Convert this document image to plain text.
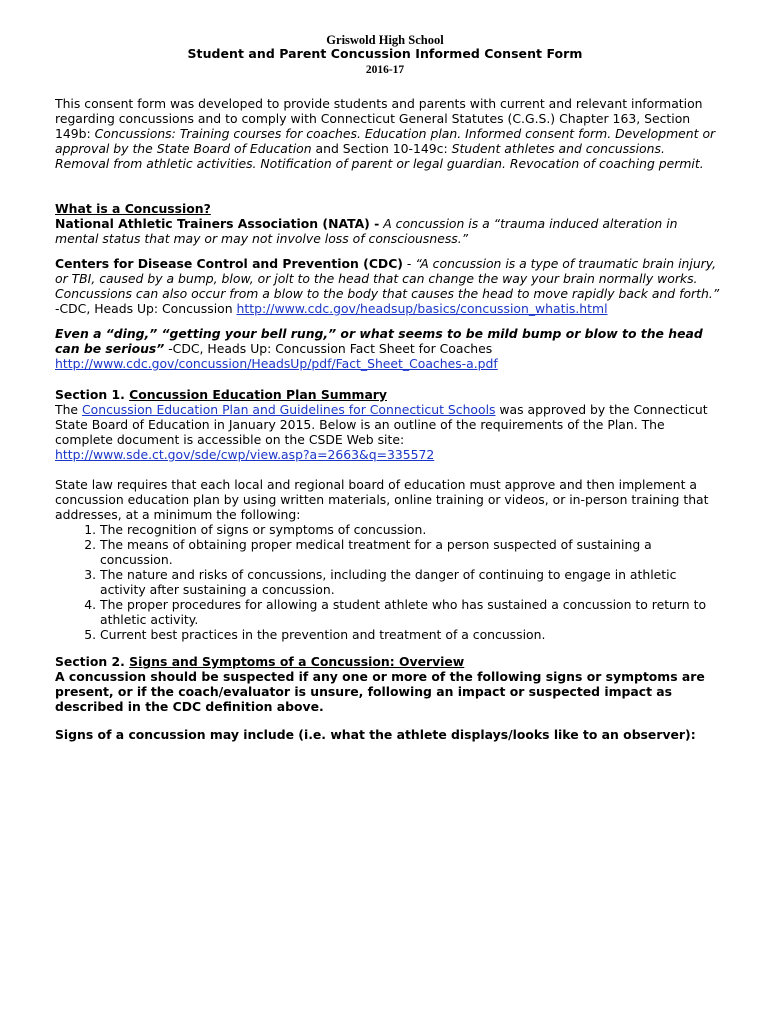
Griswold High School
Student and Parent Concussion Informed Consent Form
2016-17
This consent form was developed to provide students and parents with current and relevant information regarding concussions and to comply with Connecticut General Statutes (C.G.S.) Chapter 163, Section 149b: Concussions: Training courses for coaches. Education plan. Informed consent form. Development or approval by the State Board of Education and Section 10-149c: Student athletes and concussions. Removal from athletic activities. Notification of parent or legal guardian. Revocation of coaching permit.

What is a Concussion?

National Athletic Trainers Association (NATA) - A concussion is a “trauma induced alteration in mental status that may or may not involve loss of consciousness.”

Centers for Disease Control and Prevention (CDC) - “A concussion is a type of traumatic brain injury, or TBI, caused by a bump, blow, or jolt to the head that can change the way your brain normally works. Concussions can also occur from a blow to the body that causes the head to move rapidly back and forth.” -CDC, Heads Up: Concussion http://www.cdc.gov/headsup/basics/concussion_whatis.html
Even a “ding,” “getting your bell rung,” or what seems to be mild bump or blow to the head can be serious” -CDC, Heads Up: Concussion Fact Sheet for Coaches
http://www.cdc.gov/concussion/HeadsUp/pdf/Fact_Sheet_Coaches-a.pdf

Section 1. Concussion Education Plan Summary

The Concussion Education Plan and Guidelines for Connecticut Schools was approved by the Connecticut State Board of Education in January 2015. Below is an outline of the requirements of the Plan. The complete document is accessible on the CSDE Web site:
http://www.sde.ct.gov/sde/cwp/view.asp?a=2663&q=335572

State law requires that each local and regional board of education must approve and then implement a concussion education plan by using written materials, online training or videos, or in-person training that addresses, at a minimum the following:

1. The recognition of signs or symptoms of concussion.
2. The means of obtaining proper medical treatment for a person suspected of sustaining a concussion.
3. The nature and risks of concussions, including the danger of continuing to engage in athletic activity after sustaining a concussion.
4. The proper procedures for allowing a student athlete who has sustained a concussion to return to athletic activity.
5. Current best practices in the prevention and treatment of a concussion.

Section 2. Signs and Symptoms of a Concussion: Overview

A concussion should be suspected if any one or more of the following signs or symptoms are present, or if the coach/evaluator is unsure, following an impact or suspected impact as described in the CDC definition above.

Signs of a concussion may include (i.e. what the athlete displays/looks like to an observer):
